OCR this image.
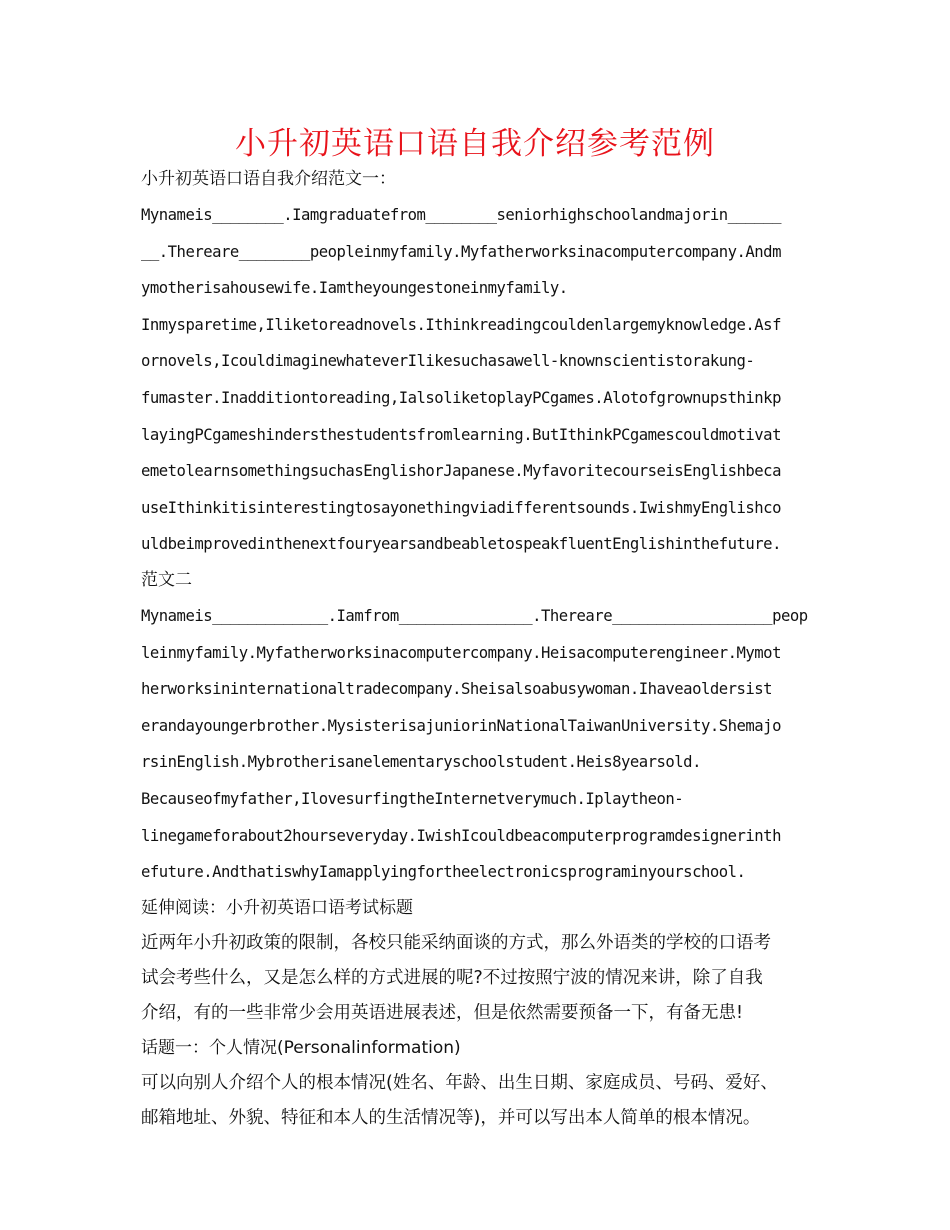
小升初英语口语自我介绍参考范例
小升初英语口语自我介绍范文一：
Mynameis________.Iamgraduatefrom________seniorhighschoolandmajorin______
__.Thereare________peopleinmyfamily.Myfatherworksinacomputercompany.Andm
ymotherisahousewife.Iamtheyoungestoneinmyfamily.
Inmysparetime,Iliketoreadnovels.Ithinkreadingcouldenlargemyknowledge.Asf
ornovels,IcouldimaginewhateverIlikesuchasawell-knownscientistorakung-
fumaster.Inadditiontoreading,IalsoliketoplayPCgames.Alotofgrownupsthinkp
layingPCgameshindersthestudentsfromlearning.ButIthinkPCgamescouldmotivat
emetolearnsomethingsuchasEnglishorJapanese.MyfavoritecourseisEnglishbeca
useIthinkitisinterestingtosayonethingviadifferentsounds.IwishmyEnglishco
uldbeimprovedinthenextfouryearsandbeabletospeakfluentEnglishinthefuture.
范文二
Mynameis_____________.Iamfrom_______________.Thereare__________________peop
leinmyfamily.Myfatherworksinacomputercompany.Heisacomputerengineer.Mymot
herworksininternationaltradecompany.Sheisalsoabusywoman.Ihaveaoldersist
erandayoungerbrother.MysisterisajuniorinNationalTaiwanUniversity.Shemajo
rsinEnglish.Mybrotherisanelementaryschoolstudent.Heis8yearsold.
Becauseofmyfather,IlovesurfingtheInternetverymuch.Iplaytheon-
linegameforabout2hourseveryday.IwishIcouldbeacomputerprogramdesignerinth
efuture.AndthatiswhyIamapplyingfortheelectronicsprograminyourschool.
延伸阅读：小升初英语口语考试标题
近两年小升初政策的限制，各校只能采纳面谈的方式，那么外语类的学校的口语考
试会考些什么，又是怎么样的方式进展的呢?不过按照宁波的情况来讲，除了自我
介绍，有的一些非常少会用英语进展表述，但是依然需要预备一下，有备无患!
话题一：个人情况(Personalinformation)
可以向别人介绍个人的根本情况(姓名、年龄、出生日期、家庭成员、号码、爱好、
邮箱地址、外貌、特征和本人的生活情况等)，并可以写出本人简单的根本情况。
